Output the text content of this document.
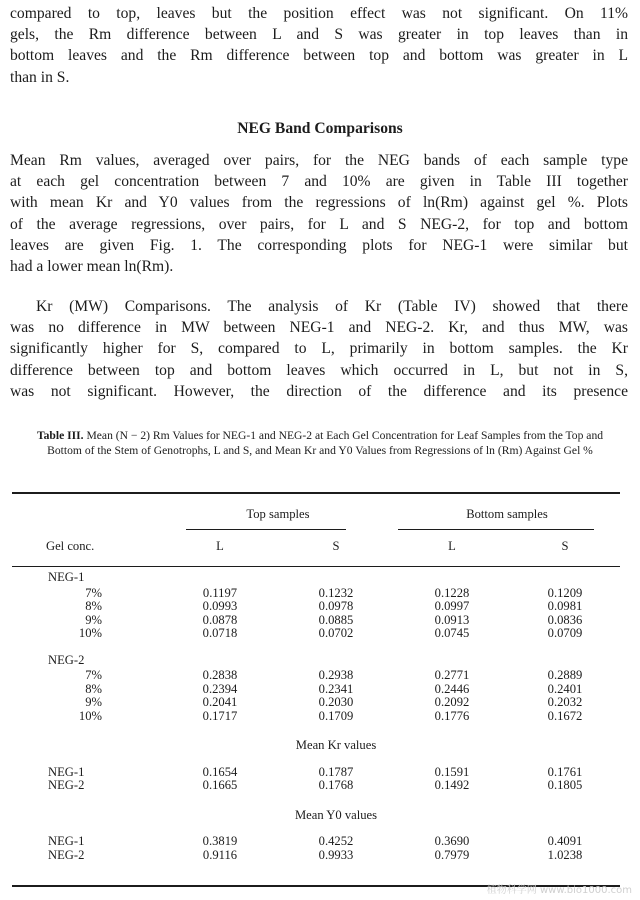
compared to top, leaves but the position effect was not significant. On 11%
gels, the Rm difference between L and S was greater in top leaves than in
bottom leaves and the Rm difference between top and bottom was greater in L
than in S.

NEG Band Comparisons

Mean Rm values, averaged over pairs, for the NEG bands of each sample type
at each gel concentration between 7 and 10% are given in Table III together
with mean Kr and Y0 values from the regressions of ln(Rm) against gel %. Plots
of the average regressions, over pairs, for L and S NEG-2, for top and bottom
leaves are given Fig. 1. The corresponding plots for NEG-1 were similar but
had a lower mean ln(Rm).

Kr (MW) Comparisons. The analysis of Kr (Table IV) showed that there
was no difference in MW between NEG-1 and NEG-2. Kr, and thus MW, was
significantly higher for S, compared to L, primarily in bottom samples. the Kr
difference between top and bottom leaves which occurred in L, but not in S,
was not significant. However, the direction of the difference and its presence

Table III. Mean (N − 2) Rm Values for NEG-1 and NEG-2 at Each Gel Concentration for Leaf Samples from the Top and Bottom of the Stem of Genotrophs, L and S, and Mean Kr and Y0 Values from Regressions of ln (Rm) Against Gel %

	Top samples		Bottom samples	
Gel conc.	L	S	L	S
NEG-1				
7%	0.1197	0.1232	0.1228	0.1209
8%	0.0993	0.0978	0.0997	0.0981
9%	0.0878	0.0885	0.0913	0.0836
10%	0.0718	0.0702	0.0745	0.0709
NEG-2				
7%	0.2838	0.2938	0.2771	0.2889
8%	0.2394	0.2341	0.2446	0.2401
9%	0.2041	0.2030	0.2092	0.2032
10%	0.1717	0.1709	0.1776	0.1672
	Mean Kr values			
NEG-1	0.1654	0.1787	0.1591	0.1761
NEG-2	0.1665	0.1768	0.1492	0.1805
	Mean Y0 values			
NEG-1	0.3819	0.4252	0.3690	0.4091
NEG-2	0.9116	0.9933	0.7979	1.0238
植物科学网 www.bio1000.com
